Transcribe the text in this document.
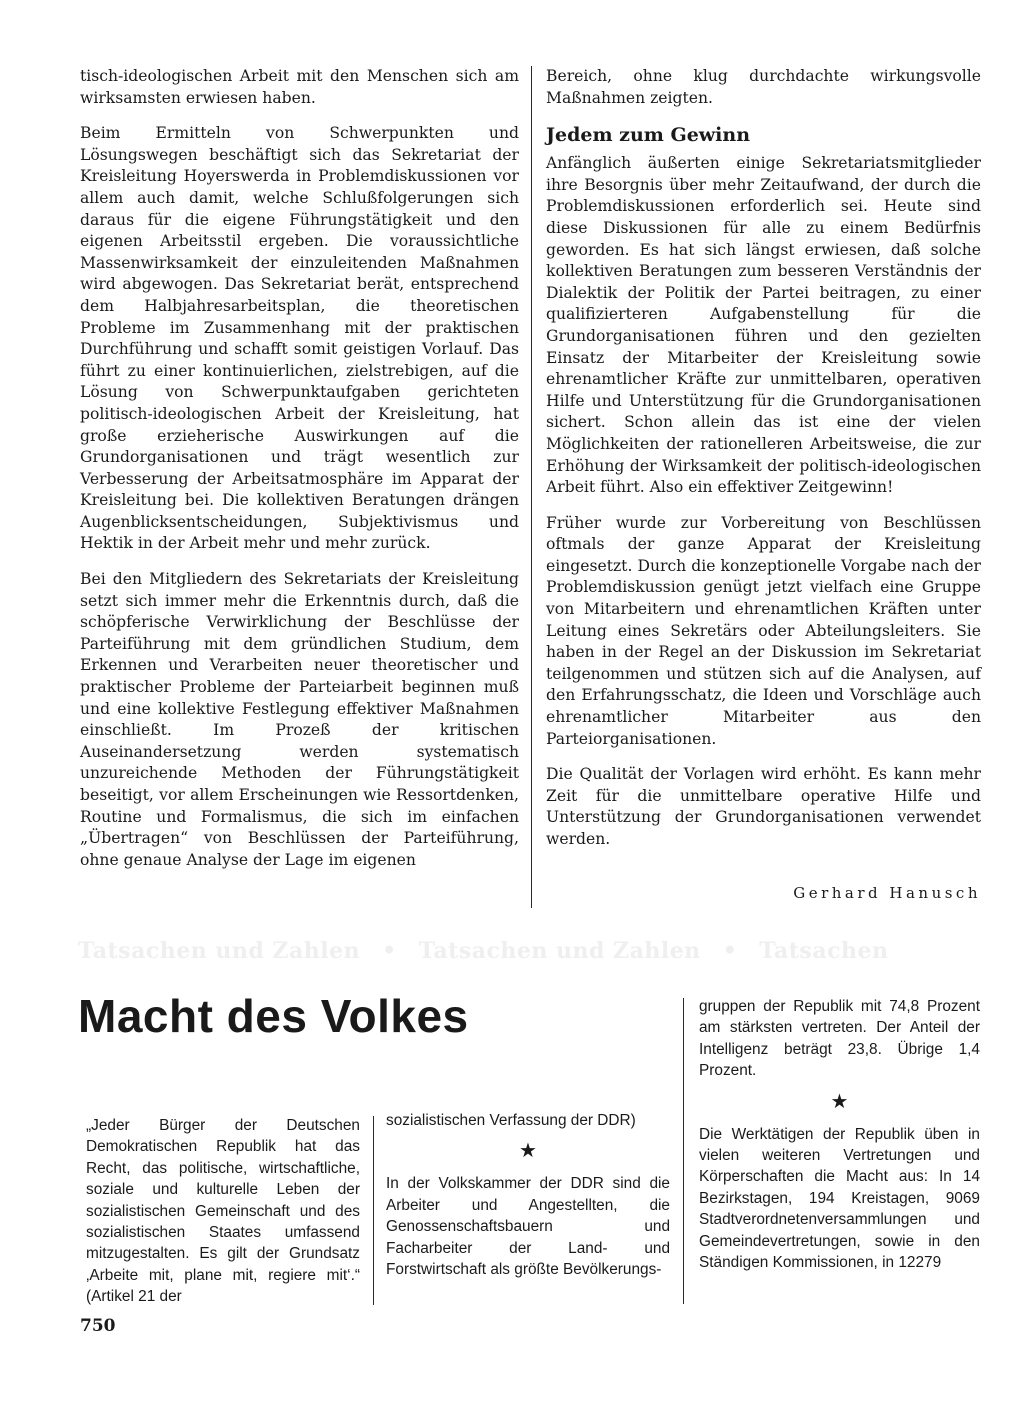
tisch-ideologischen Arbeit mit den Menschen sich am wirksamsten erwiesen haben.

Beim Ermitteln von Schwerpunkten und Lösungswegen beschäftigt sich das Sekretariat der Kreisleitung Hoyerswerda in Problemdiskussionen vor allem auch damit, welche Schlußfolgerungen sich daraus für die eigene Führungstätigkeit und den eigenen Arbeitsstil ergeben. Die voraussichtliche Massenwirksamkeit der einzuleitenden Maßnahmen wird abgewogen. Das Sekretariat berät, entsprechend dem Halbjahresarbeitsplan, die theoretischen Probleme im Zusammenhang mit der praktischen Durchführung und schafft somit geistigen Vorlauf. Das führt zu einer kontinuierlichen, zielstrebigen, auf die Lösung von Schwerpunktaufgaben gerichteten politisch-ideologischen Arbeit der Kreisleitung, hat große erzieherische Auswirkungen auf die Grundorganisationen und trägt wesentlich zur Verbesserung der Arbeitsatmosphäre im Apparat der Kreisleitung bei. Die kollektiven Beratungen drängen Augenblicksentscheidungen, Subjektivismus und Hektik in der Arbeit mehr und mehr zurück.

Bei den Mitgliedern des Sekretariats der Kreisleitung setzt sich immer mehr die Erkenntnis durch, daß die schöpferische Verwirklichung der Beschlüsse der Parteiführung mit dem gründlichen Studium, dem Erkennen und Verarbeiten neuer theoretischer und praktischer Probleme der Parteiarbeit beginnen muß und eine kollektive Festlegung effektiver Maßnahmen einschließt. Im Prozeß der kritischen Auseinandersetzung werden systematisch unzureichende Methoden der Führungstätigkeit beseitigt, vor allem Erscheinungen wie Ressortdenken, Routine und Formalismus, die sich im einfachen „Übertragen“ von Beschlüssen der Parteiführung, ohne genaue Analyse der Lage im eigenen

Bereich, ohne klug durchdachte wirkungsvolle Maßnahmen zeigten.

Jedem zum Gewinn

Anfänglich äußerten einige Sekretariatsmitglieder ihre Besorgnis über mehr Zeitaufwand, der durch die Problemdiskussionen erforderlich sei. Heute sind diese Diskussionen für alle zu einem Bedürfnis geworden. Es hat sich längst erwiesen, daß solche kollektiven Beratungen zum besseren Verständnis der Dialektik der Politik der Partei beitragen, zu einer qualifizierteren Aufgabenstellung für die Grundorganisationen führen und den gezielten Einsatz der Mitarbeiter der Kreisleitung sowie ehrenamtlicher Kräfte zur unmittelbaren, operativen Hilfe und Unterstützung für die Grundorganisationen sichert. Schon allein das ist eine der vielen Möglichkeiten der rationelleren Arbeitsweise, die zur Erhöhung der Wirksamkeit der politisch-ideologischen Arbeit führt. Also ein effektiver Zeitgewinn!

Früher wurde zur Vorbereitung von Beschlüssen oftmals der ganze Apparat der Kreisleitung eingesetzt. Durch die konzeptionelle Vorgabe nach der Problemdiskussion genügt jetzt vielfach eine Gruppe von Mitarbeitern und ehrenamtlichen Kräften unter Leitung eines Sekretärs oder Abteilungsleiters. Sie haben in der Regel an der Diskussion im Sekretariat teilgenommen und stützen sich auf die Analysen, auf den Erfahrungsschatz, die Ideen und Vorschläge auch ehrenamtlicher Mitarbeiter aus den Parteiorganisationen.

Die Qualität der Vorlagen wird erhöht. Es kann mehr Zeit für die unmittelbare operative Hilfe und Unterstützung der Grundorganisationen verwendet werden.

Gerhard Hanusch
Tatsachen und Zahlen • Tatsachen und Zahlen • Tatsachen
Macht des Volkes

„Jeder Bürger der Deutschen Demokratischen Republik hat das Recht, das politische, wirtschaftliche, soziale und kulturelle Leben der sozialistischen Gemeinschaft und des sozialistischen Staates umfassend mitzugestalten. Es gilt der Grundsatz ‚Arbeite mit, plane mit, regiere mit‘.“ (Artikel 21 der

sozialistischen Verfassung der DDR)

★

In der Volkskammer der DDR sind die Arbeiter und Angestellten, die Genossenschaftsbauern und Facharbeiter der Land- und Forstwirtschaft als größte Bevölkerungs-

gruppen der Republik mit 74,8 Prozent am stärksten vertreten. Der Anteil der Intelligenz beträgt 23,8. Übrige 1,4 Prozent.

★

Die Werktätigen der Republik üben in vielen weiteren Vertretungen und Körperschaften die Macht aus: In 14 Bezirkstagen, 194 Kreistagen, 9069 Stadtverordnetenversammlungen und Gemeindevertretungen, sowie in den Ständigen Kommissionen, in 12279

750
